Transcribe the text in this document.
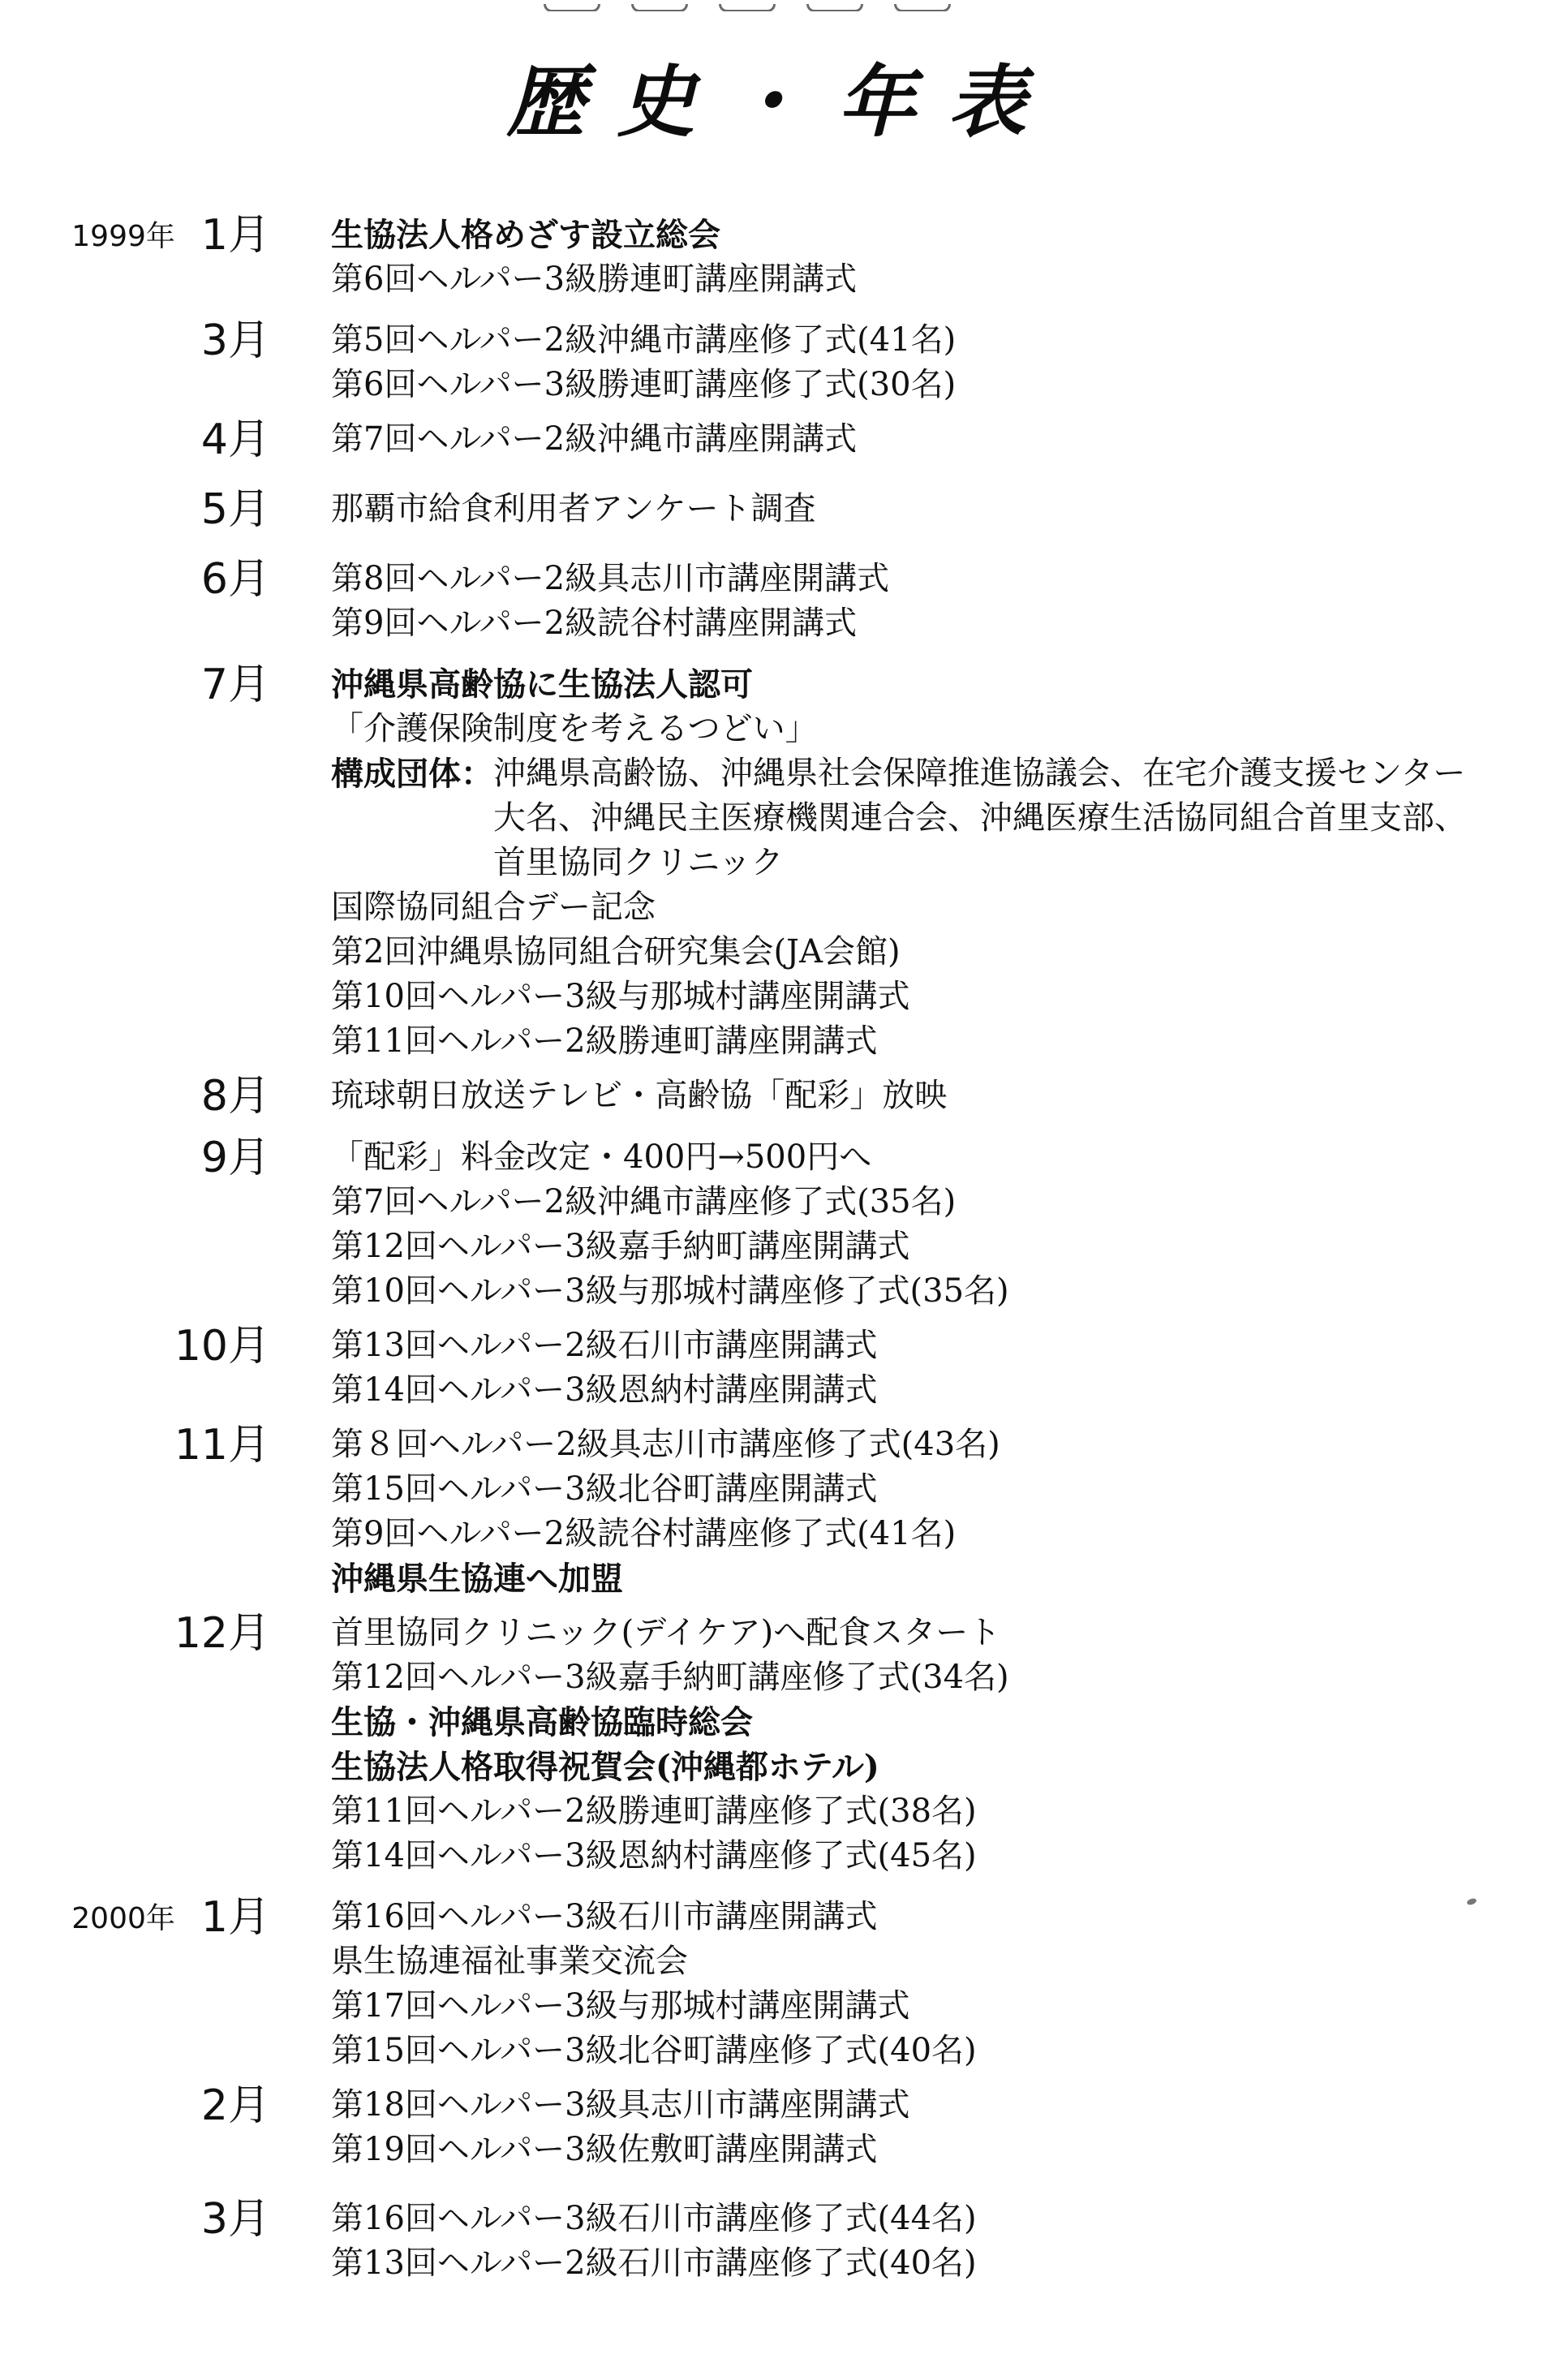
歴史・年表
1999年 1月 生協法人格めざす設立総会
第6回ヘルパー3級勝連町講座開講式
3月 第5回ヘルパー2級沖縄市講座修了式(41名)
第6回ヘルパー3級勝連町講座修了式(30名)
4月 第7回ヘルパー2級沖縄市講座開講式
5月 那覇市給食利用者アンケート調査
6月 第8回ヘルパー2級具志川市講座開講式
第9回ヘルパー2級読谷村講座開講式
7月 沖縄県高齢協に生協法人認可
「介護保険制度を考えるつどい」
構成団体： 沖縄県高齢協、沖縄県社会保障推進協議会、在宅介護支援センター
大名、沖縄民主医療機関連合会、沖縄医療生活協同組合首里支部、
首里協同クリニック
国際協同組合デー記念
第2回沖縄県協同組合研究集会(JA会館)
第10回ヘルパー3級与那城村講座開講式
第11回ヘルパー2級勝連町講座開講式
8月 琉球朝日放送テレビ・高齢協「配彩」放映
9月 「配彩」料金改定・400円→500円へ
第7回ヘルパー2級沖縄市講座修了式(35名)
第12回ヘルパー3級嘉手納町講座開講式
第10回ヘルパー3級与那城村講座修了式(35名)
10月 第13回ヘルパー2級石川市講座開講式
第14回ヘルパー3級恩納村講座開講式
11月 第８回ヘルパー2級具志川市講座修了式(43名)
第15回ヘルパー3級北谷町講座開講式
第9回ヘルパー2級読谷村講座修了式(41名)
沖縄県生協連へ加盟
12月 首里協同クリニック(デイケア)へ配食スタート
第12回ヘルパー3級嘉手納町講座修了式(34名)
生協・沖縄県高齢協臨時総会
生協法人格取得祝賀会(沖縄都ホテル)
第11回ヘルパー2級勝連町講座修了式(38名)
第14回ヘルパー3級恩納村講座修了式(45名)
2000年 1月 第16回ヘルパー3級石川市講座開講式
県生協連福祉事業交流会
第17回ヘルパー3級与那城村講座開講式
第15回ヘルパー3級北谷町講座修了式(40名)
2月 第18回ヘルパー3級具志川市講座開講式
第19回ヘルパー3級佐敷町講座開講式
3月 第16回ヘルパー3級石川市講座修了式(44名)
第13回ヘルパー2級石川市講座修了式(40名)
